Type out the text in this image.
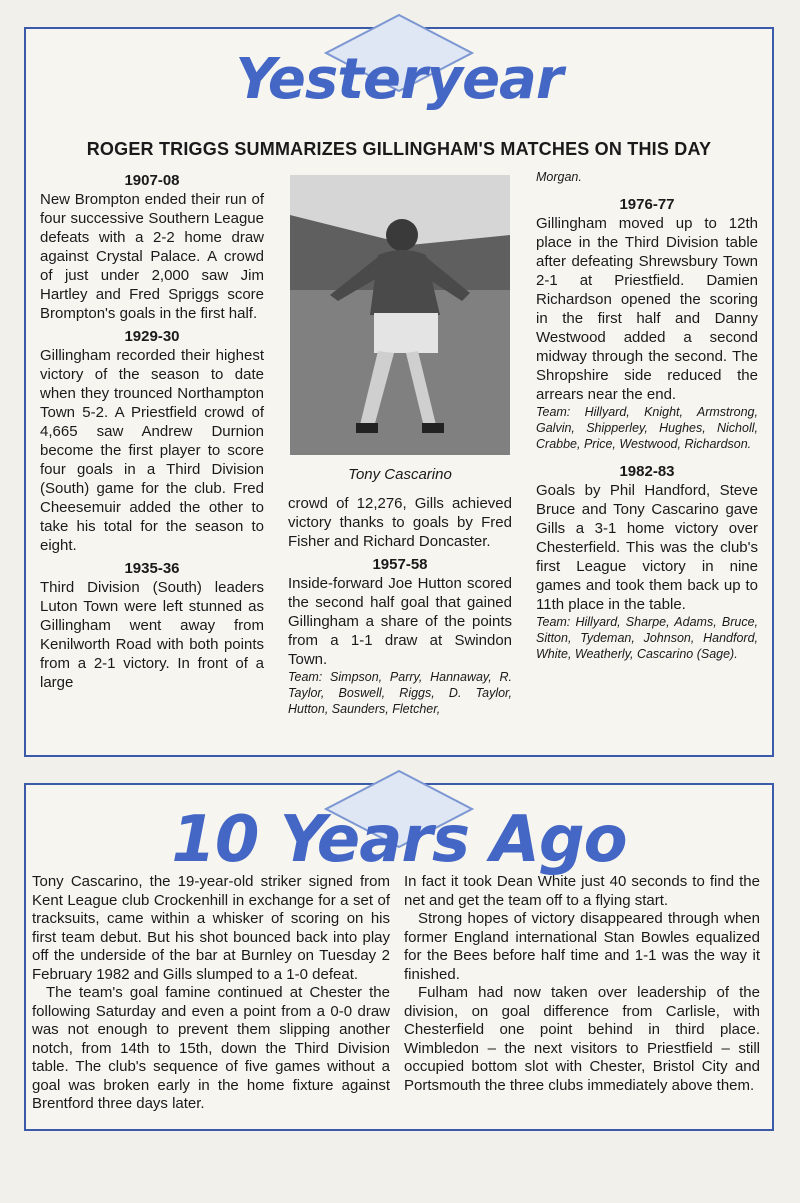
Yesteryear
ROGER TRIGGS SUMMARIZES GILLINGHAM'S MATCHES ON THIS DAY
1907-08

New Brompton ended their run of four successive Southern League defeats with a 2-2 home draw against Crystal Palace. A crowd of just under 2,000 saw Jim Hartley and Fred Spriggs score Brompton's goals in the first half.

1929-30

Gillingham recorded their highest victory of the season to date when they trounced Northampton Town 5-2. A Priestfield crowd of 4,665 saw Andrew Durnion become the first player to score four goals in a Third Division (South) game for the club. Fred Cheesemuir added the other to take his total for the season to eight.

1935-36

Third Division (South) leaders Luton Town were left stunned as Gillingham went away from Kenilworth Road with both points from a 2-1 victory. In front of a large

Tony Cascarino

crowd of 12,276, Gills achieved victory thanks to goals by Fred Fisher and Richard Doncaster.

1957-58

Inside-forward Joe Hutton scored the second half goal that gained Gillingham a share of the points from a 1-1 draw at Swindon Town.

Team: Simpson, Parry, Hannaway, R. Taylor, Boswell, Riggs, D. Taylor, Hutton, Saunders, Fletcher,

Morgan.

1976-77

Gillingham moved up to 12th place in the Third Division table after defeating Shrewsbury Town 2-1 at Priestfield. Damien Richardson opened the scoring in the first half and Danny Westwood added a second midway through the second. The Shropshire side reduced the arrears near the end.

Team: Hillyard, Knight, Armstrong, Galvin, Shipperley, Hughes, Nicholl, Crabbe, Price, Westwood, Richardson.

1982-83

Goals by Phil Handford, Steve Bruce and Tony Cascarino gave Gills a 3-1 home victory over Chesterfield. This was the club's first League victory in nine games and took them back up to 11th place in the table.

Team: Hillyard, Sharpe, Adams, Bruce, Sitton, Tydeman, Johnson, Handford, White, Weatherly, Cascarino (Sage).

10 Years Ago

Tony Cascarino, the 19-year-old striker signed from Kent League club Crockenhill in exchange for a set of tracksuits, came within a whisker of scoring on his first team debut. But his shot bounced back into play off the underside of the bar at Burnley on Tuesday 2 February 1982 and Gills slumped to a 1-0 defeat.

The team's goal famine continued at Chester the following Saturday and even a point from a 0-0 draw was not enough to prevent them slipping another notch, from 14th to 15th, down the Third Division table. The club's sequence of five games without a goal was broken early in the home fixture against Brentford three days later.

In fact it took Dean White just 40 seconds to find the net and get the team off to a flying start.

Strong hopes of victory disappeared through when former England international Stan Bowles equalized for the Bees before half time and 1-1 was the way it finished.

Fulham had now taken over leadership of the division, on goal difference from Carlisle, with Chesterfield one point behind in third place. Wimbledon – the next visitors to Priestfield – still occupied bottom slot with Chester, Bristol City and Portsmouth the three clubs immediately above them.
